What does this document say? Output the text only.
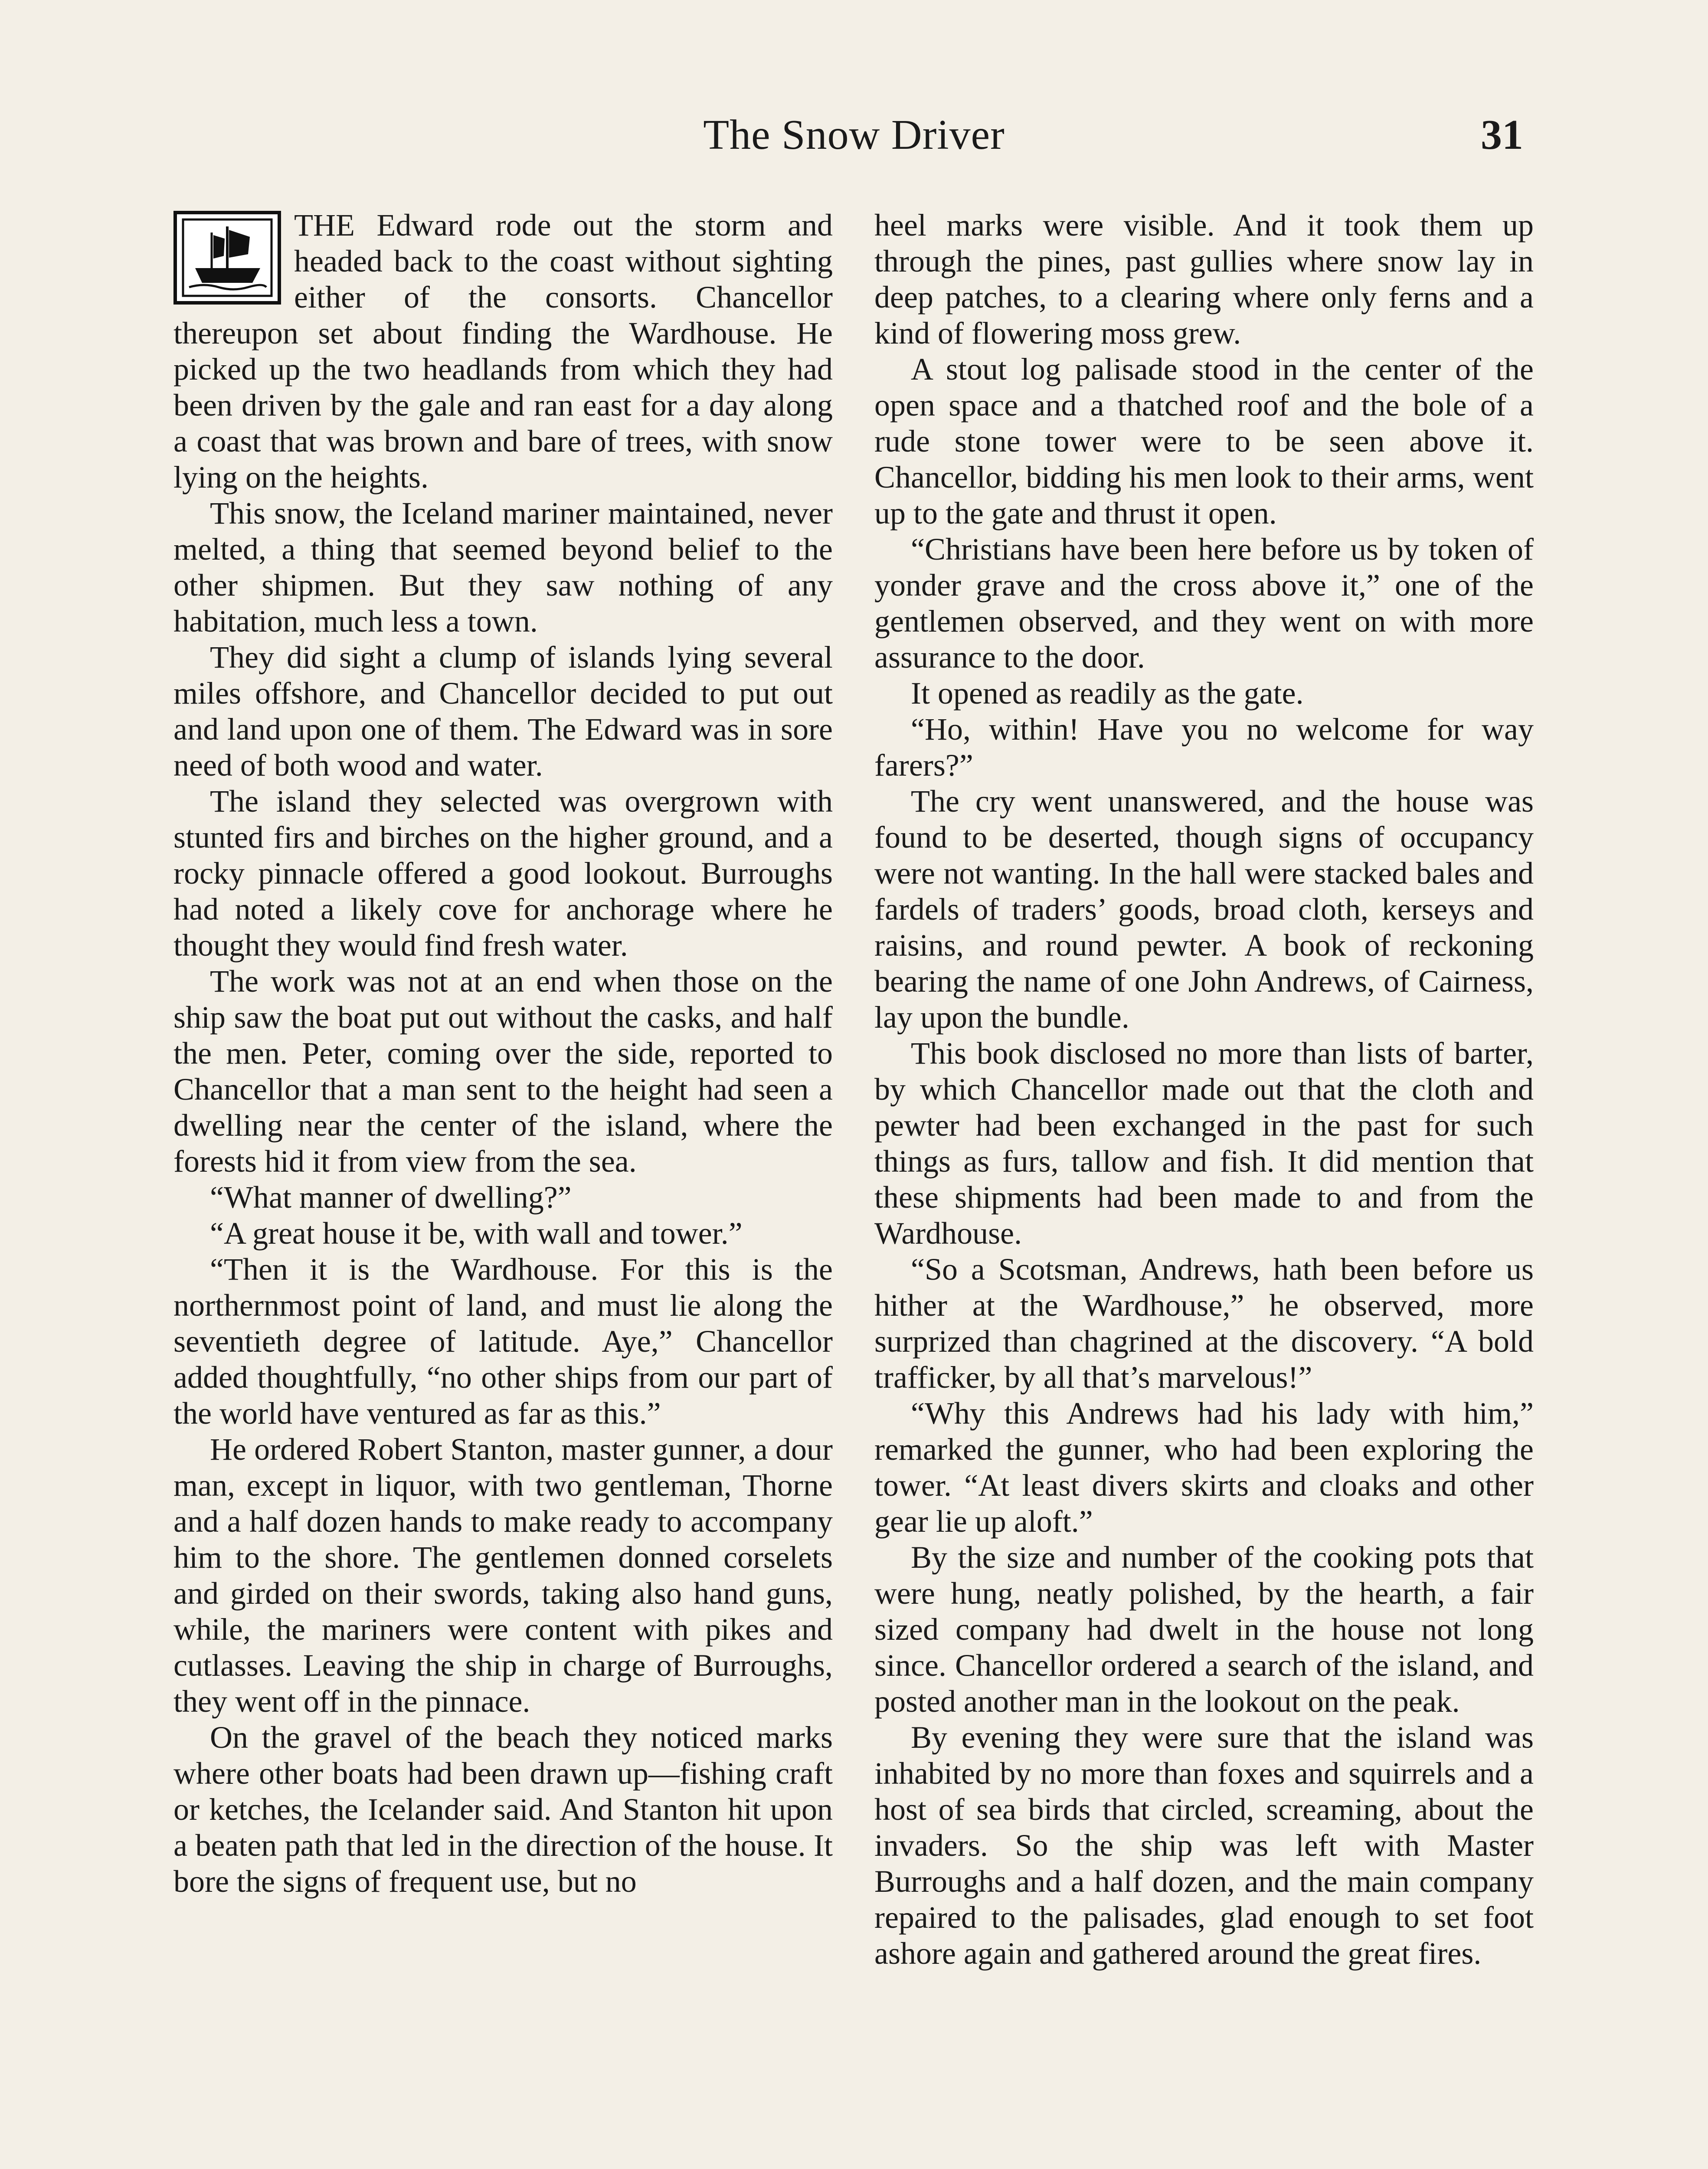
The Snow Driver	31

THE Edward rode out the storm and headed back to the coast without sighting either of the consorts. Chancellor thereupon set about finding the Wardhouse. He picked up the two headlands from which they had been driven by the gale and ran east for a day along a coast that was brown and bare of trees, with snow lying on the heights.

This snow, the Iceland mariner maintained, never melted, a thing that seemed beyond belief to the other shipmen. But they saw nothing of any habitation, much less a town.

They did sight a clump of islands lying several miles offshore, and Chancellor decided to put out and land upon one of them. The Edward was in sore need of both wood and water.

The island they selected was overgrown with stunted firs and birches on the higher ground, and a rocky pinnacle offered a good lookout. Burroughs had noted a likely cove for anchorage where he thought they would find fresh water.

The work was not at an end when those on the ship saw the boat put out without the casks, and half the men. Peter, coming over the side, reported to Chancellor that a man sent to the height had seen a dwelling near the center of the island, where the forests hid it from view from the sea.

“What manner of dwelling?”

“A great house it be, with wall and tower.”

“Then it is the Wardhouse. For this is the northernmost point of land, and must lie along the seventieth degree of latitude. Aye,” Chancellor added thoughtfully, “no other ships from our part of the world have ventured as far as this.”

He ordered Robert Stanton, master gunner, a dour man, except in liquor, with two gentleman, Thorne and a half dozen hands to make ready to accompany him to the shore. The gentlemen donned corselets and girded on their swords, taking also hand guns, while, the mariners were content with pikes and cutlasses. Leaving the ship in charge of Burroughs, they went off in the pinnace.

On the gravel of the beach they noticed marks where other boats had been drawn up—fishing craft or ketches, the Icelander said. And Stanton hit upon a beaten path that led in the direction of the house. It bore the signs of frequent use, but no

heel marks were visible. And it took them up through the pines, past gullies where snow lay in deep patches, to a clearing where only ferns and a kind of flowering moss grew.

A stout log palisade stood in the center of the open space and a thatched roof and the bole of a rude stone tower were to be seen above it. Chancellor, bidding his men look to their arms, went up to the gate and thrust it open.

“Christians have been here before us by token of yonder grave and the cross above it,” one of the gentlemen observed, and they went on with more assurance to the door.

It opened as readily as the gate.

“Ho, within! Have you no welcome for way farers?”

The cry went unanswered, and the house was found to be deserted, though signs of occupancy were not wanting. In the hall were stacked bales and fardels of traders’ goods, broad cloth, kerseys and raisins, and round pewter. A book of reckoning bearing the name of one John Andrews, of Cairness, lay upon the bundle.

This book disclosed no more than lists of barter, by which Chancellor made out that the cloth and pewter had been exchanged in the past for such things as furs, tallow and fish. It did mention that these shipments had been made to and from the Wardhouse.

“So a Scotsman, Andrews, hath been before us hither at the Wardhouse,” he observed, more surprized than chagrined at the discovery. “A bold trafficker, by all that’s marvelous!”

“Why this Andrews had his lady with him,” remarked the gunner, who had been exploring the tower. “At least divers skirts and cloaks and other gear lie up aloft.”

By the size and number of the cooking pots that were hung, neatly polished, by the hearth, a fair sized company had dwelt in the house not long since. Chancellor ordered a search of the island, and posted another man in the lookout on the peak.

By evening they were sure that the island was inhabited by no more than foxes and squirrels and a host of sea birds that circled, screaming, about the invaders. So the ship was left with Master Burroughs and a half dozen, and the main company repaired to the palisades, glad enough to set foot ashore again and gathered around the great fires.
